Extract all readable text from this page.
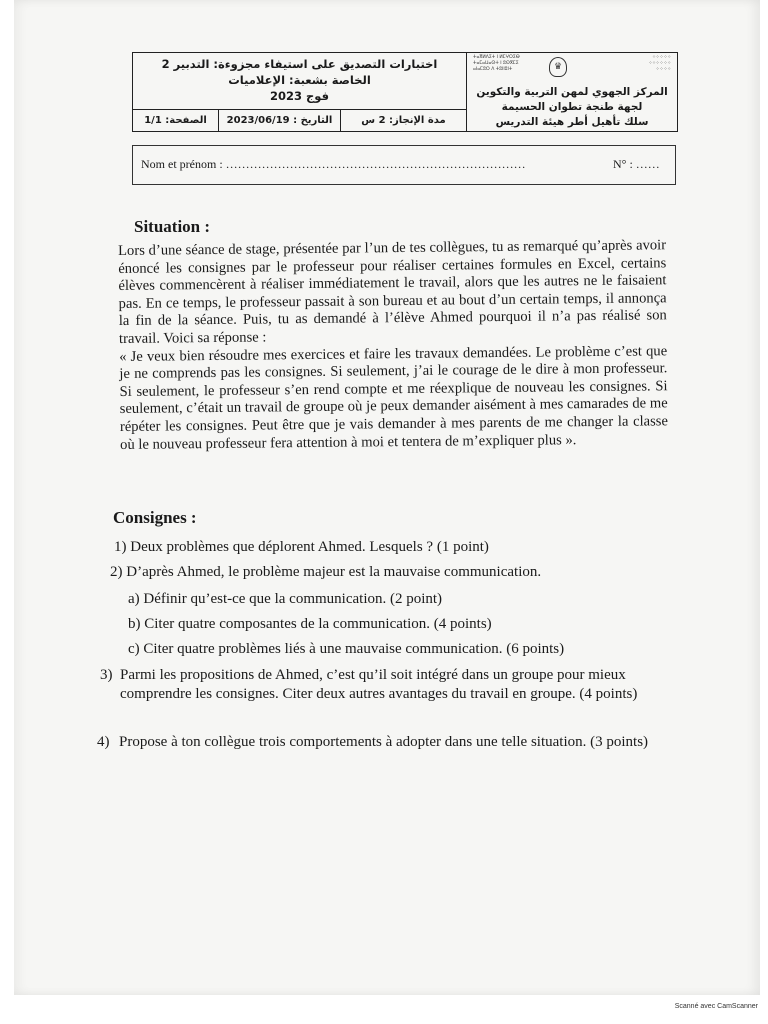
اختبارات التصديق على استيفاء مجزوءة: التدبير 2
الخاصة بشعبة: الإعلاميات
فوج 2023
⁘⁘⁘⁘⁘
⁘⁘⁘⁘⁘⁘
⁘⁘⁘⁘
♛
ⵜⴰⴳⵍⴷⵉⵜ ⵏ ⵍⵎⵖⵔⵉⴱ
ⵜⴰⵎⴰⵡⴰⵙⵜ ⵏ ⵓⵙⴳⵎⵉ
ⴰⵏⴰⵎⵓⵔ ⴷ ⵜⵓⵏⵏⵓⵏⵜ
المركز الجهوي لمهن التربية والتكوين
لجهة طنجة تطوان الحسيمة
سلك تأهيل أطر هيئة التدريس
الصفحة: 1/1	التاريخ : 2023/06/19	مدة الإنجاز: 2 س
Nom et prénom : …………………………………………………………………	N° : ……
Situation :

Lors d’une séance de stage, présentée par l’un de tes collègues, tu as remarqué qu’après avoir énoncé les consignes par le professeur pour réaliser certaines formules en Excel, certains élèves commencèrent à réaliser immédiatement le travail, alors que les autres ne le faisaient pas. En ce temps, le professeur passait à son bureau et au bout d’un certain temps, il annonça la fin de la séance. Puis, tu as demandé à l’élève Ahmed pourquoi il n’a pas réalisé son travail. Voici sa réponse :

« Je veux bien résoudre mes exercices et faire les travaux demandées. Le problème c’est que je ne comprends pas les consignes. Si seulement, j’ai le courage de le dire à mon professeur. Si seulement, le professeur s’en rend compte et me réexplique de nouveau les consignes. Si seulement, c’était un travail de groupe où je peux demander aisément à mes camarades de me répéter les consignes. Peut être que je vais demander à mes parents de me changer la classe où le nouveau professeur fera attention à moi et tentera de m’expliquer plus ».

Consignes :
1) Deux problèmes que déplorent Ahmed. Lesquels ? (1 point)
2) D’après Ahmed, le problème majeur est la mauvaise communication.
a) Définir qu’est-ce que la communication. (2 point)
b) Citer quatre composantes de la communication. (4 points)
c) Citer quatre problèmes liés à une mauvaise communication. (6 points)
3) Parmi les propositions de Ahmed, c’est qu’il soit intégré dans un groupe pour mieux comprendre les consignes. Citer deux autres avantages du travail en groupe. (4 points)
4) Propose à ton collègue trois comportements à adopter dans une telle situation. (3 points)
Scanné avec CamScanner
